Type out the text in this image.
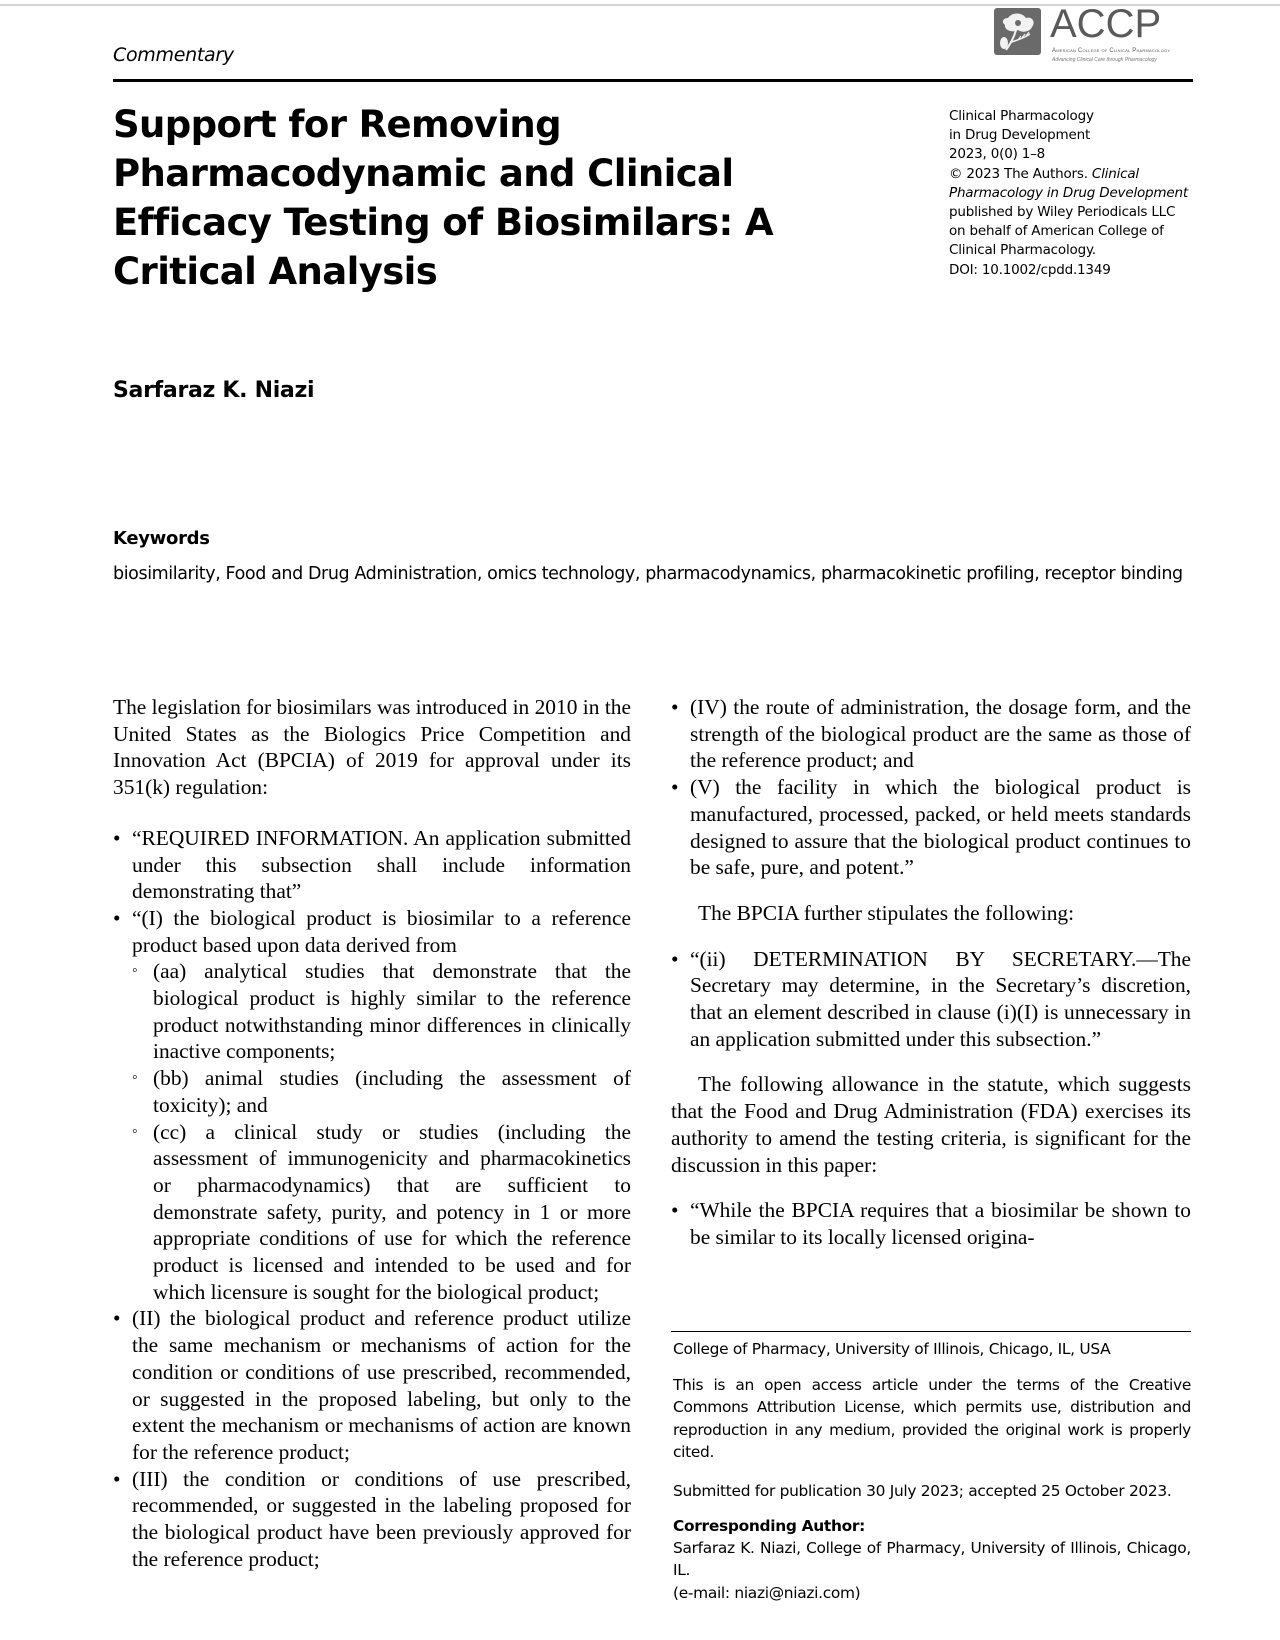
Commentary
ACCP
American College of Clinical Pharmacology
Advancing Clinical Care through Pharmacology
Support for Removing Pharmacodynamic and Clinical Efficacy Testing of Biosimilars: A Critical Analysis
Clinical Pharmacology
in Drug Development
2023, 0(0) 1–8
© 2023 The Authors. Clinical
Pharmacology in Drug Development
published by Wiley Periodicals LLC
on behalf of American College of
Clinical Pharmacology.
DOI: 10.1002/cpdd.1349
Sarfaraz K. Niazi
Keywords
biosimilarity, Food and Drug Administration, omics technology, pharmacodynamics, pharmacokinetic profiling, receptor binding

The legislation for biosimilars was introduced in 2010 in the United States as the Biologics Price Competition and Innovation Act (BPCIA) of 2019 for approval under its 351(k) regulation:

• “REQUIRED INFORMATION. An application submitted under this subsection shall include information demonstrating that”
• “(I) the biological product is biosimilar to a reference product based upon data derived from
◦ (aa) analytical studies that demonstrate that the biological product is highly similar to the reference product notwithstanding minor differences in clinically inactive components;
◦ (bb) animal studies (including the assessment of toxicity); and
◦ (cc) a clinical study or studies (including the assessment of immunogenicity and pharmacokinetics or pharmacodynamics) that are sufficient to demonstrate safety, purity, and potency in 1 or more appropriate conditions of use for which the reference product is licensed and intended to be used and for which licensure is sought for the biological product;
• (II) the biological product and reference product utilize the same mechanism or mechanisms of action for the condition or conditions of use prescribed, recommended, or suggested in the proposed labeling, but only to the extent the mechanism or mechanisms of action are known for the reference product;
• (III) the condition or conditions of use prescribed, recommended, or suggested in the labeling proposed for the biological product have been previously approved for the reference product;
• (IV) the route of administration, the dosage form, and the strength of the biological product are the same as those of the reference product; and
• (V) the facility in which the biological product is manufactured, processed, packed, or held meets standards designed to assure that the biological product continues to be safe, pure, and potent.”

The BPCIA further stipulates the following:

• “(ii) DETERMINATION BY SECRETARY.—The Secretary may determine, in the Secretary’s discretion, that an element described in clause (i)(I) is unnecessary in an application submitted under this subsection.”

The following allowance in the statute, which suggests that the Food and Drug Administration (FDA) exercises its authority to amend the testing criteria, is significant for the discussion in this paper:

• “While the BPCIA requires that a biosimilar be shown to be similar to its locally licensed origina-
College of Pharmacy, University of Illinois, Chicago, IL, USA
This is an open access article under the terms of the Creative Commons Attribution License, which permits use, distribution and reproduction in any medium, provided the original work is properly cited.
Submitted for publication 30 July 2023; accepted 25 October 2023.
Corresponding Author:
Sarfaraz K. Niazi, College of Pharmacy, University of Illinois, Chicago, IL.
(e-mail: niazi@niazi.com)
